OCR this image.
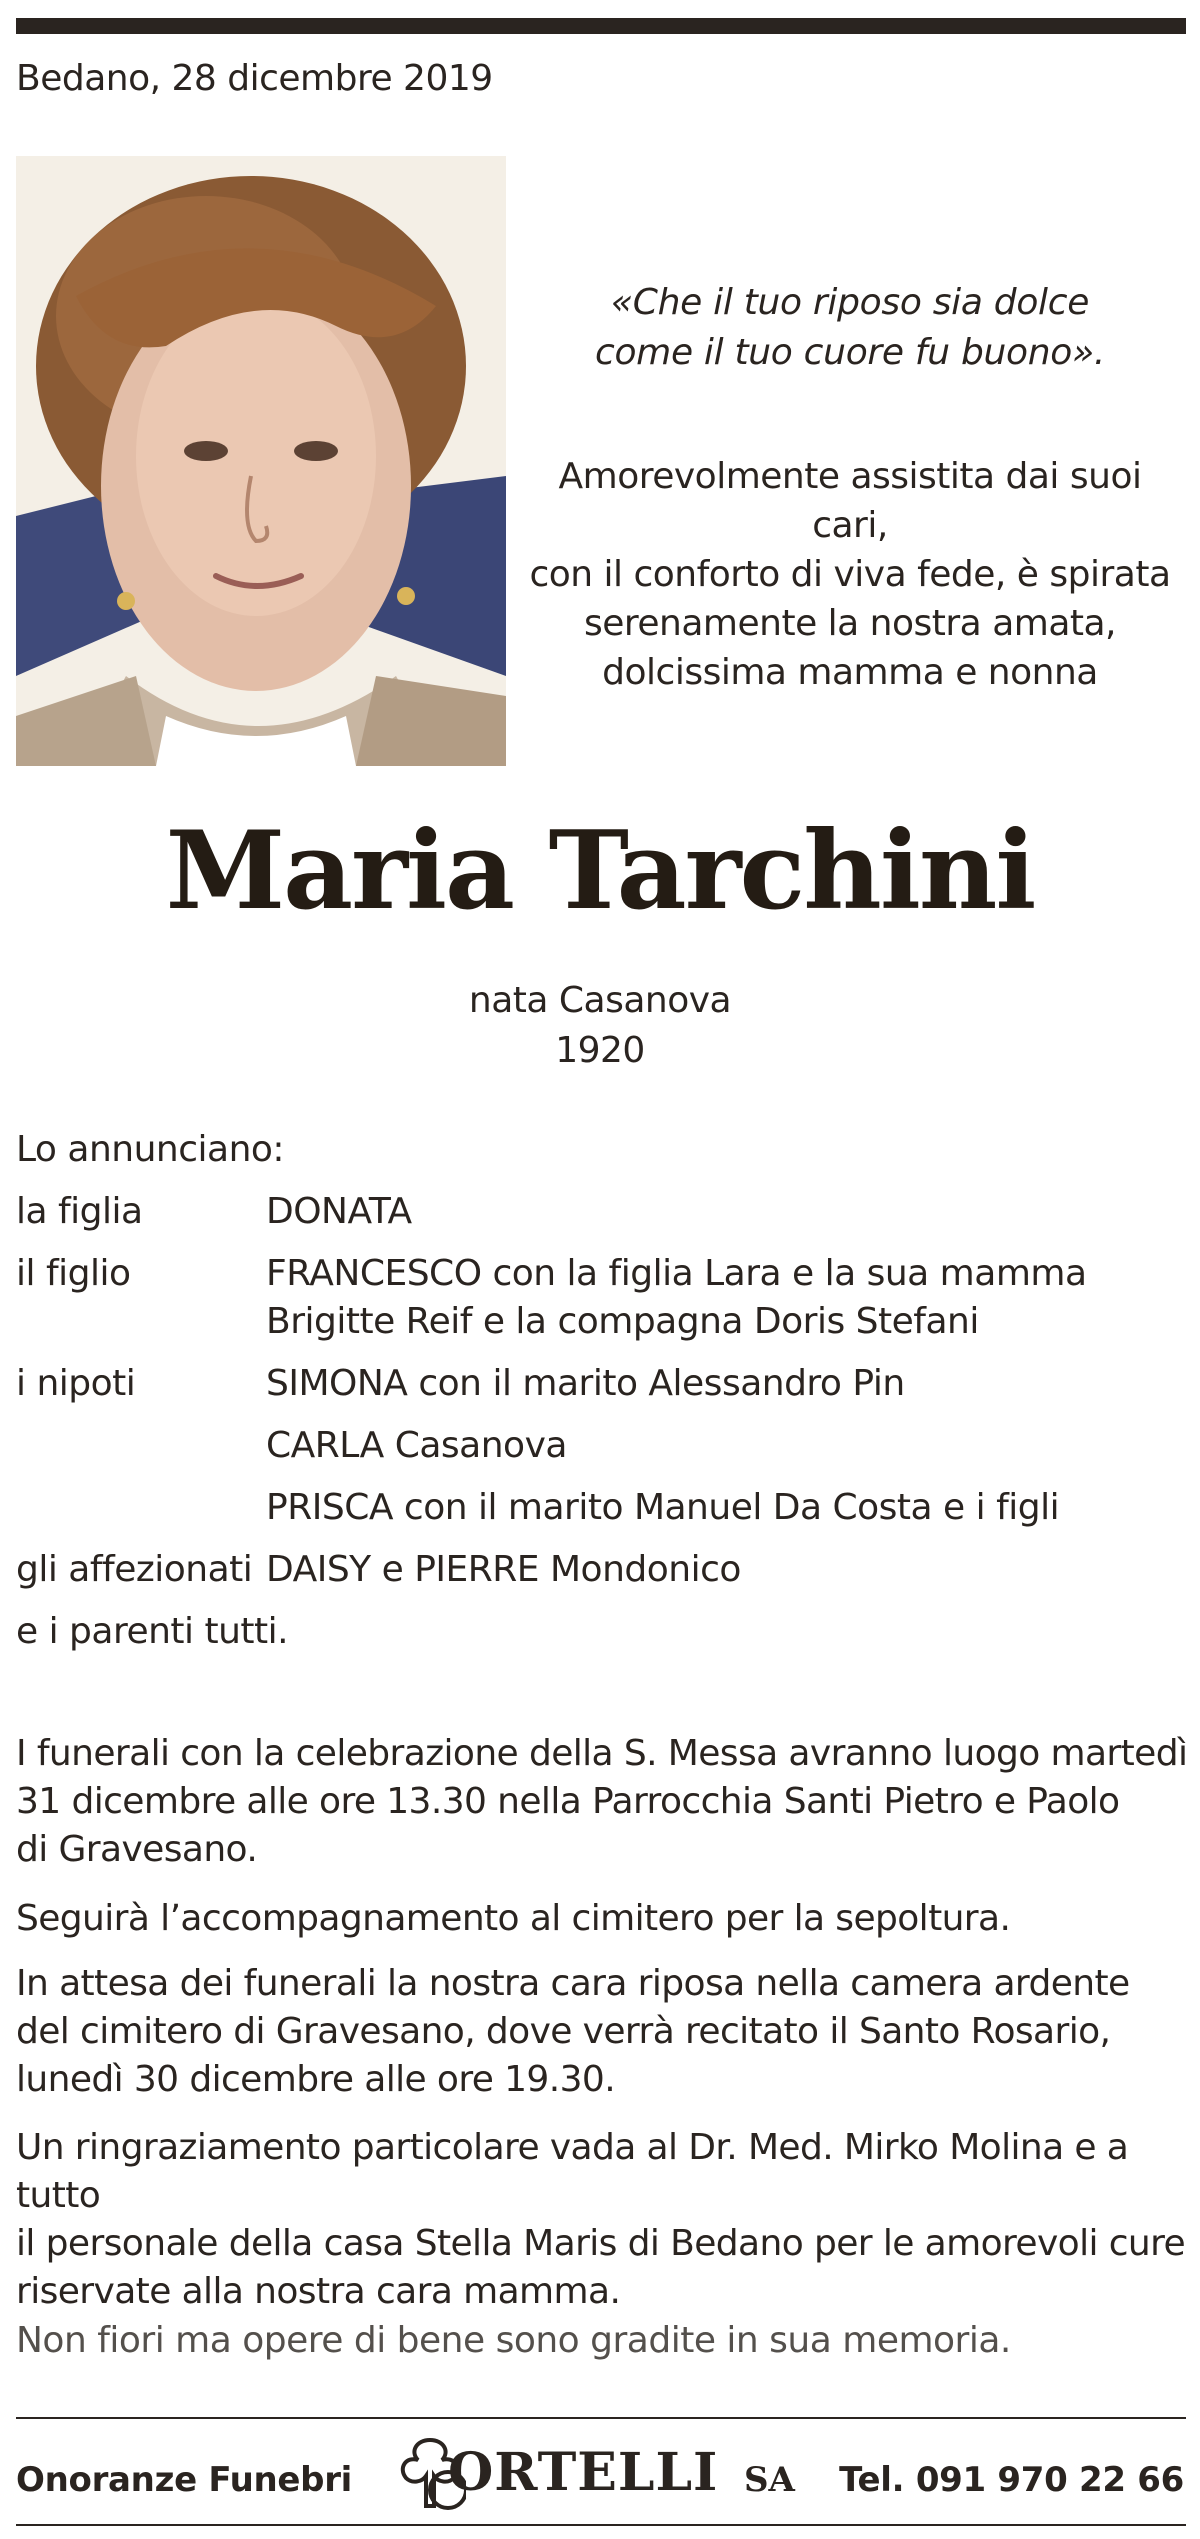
Bedano, 28 dicembre 2019
«Che il tuo riposo sia dolce
come il tuo cuore fu buono».
Amorevolmente assistita dai suoi cari,
con il conforto di viva fede, è spirata
serenamente la nostra amata,
dolcissima mamma e nonna
Maria Tarchini
nata Casanova
1920
Lo annunciano:
la figlia	DONATA
il figlio	FRANCESCO con la figlia Lara e la sua mamma
Brigitte Reif e la compagna Doris Stefani
i nipoti	SIMONA con il marito Alessandro Pin
CARLA Casanova
PRISCA con il marito Manuel Da Costa e i figli
gli affezionati DAISY e PIERRE Mondonico
e i parenti tutti.

I funerali con la celebrazione della S. Messa avranno luogo martedì
31 dicembre alle ore 13.30 nella Parrocchia Santi Pietro e Paolo
di Gravesano.

Seguirà l’accompagnamento al cimitero per la sepoltura.

In attesa dei funerali la nostra cara riposa nella camera ardente
del cimitero di Gravesano, dove verrà recitato il Santo Rosario,
lunedì 30 dicembre alle ore 19.30.

Un ringraziamento particolare vada al Dr. Med. Mirko Molina e a tutto
il personale della casa Stella Maris di Bedano per le amorevoli cure
riservate alla nostra cara mamma.

Non fiori ma opere di bene sono gradite in sua memoria.
Onoranze Funebri ORTELLI SA Tel. 091 970 22 66
